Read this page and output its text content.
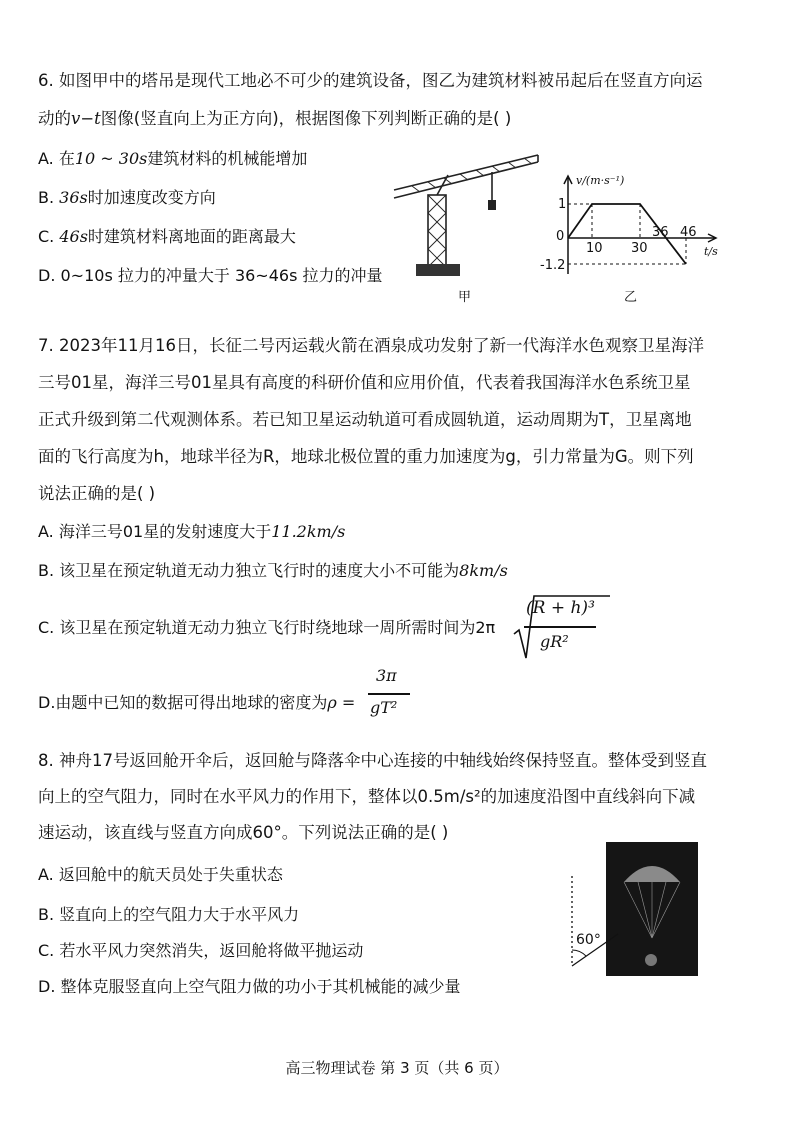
6. 如图甲中的塔吊是现代工地必不可少的建筑设备，图乙为建筑材料被吊起后在竖直方向运
动的v−t图像(竖直向上为正方向)，根据图像下列判断正确的是( )
A. 在10 ~ 30s建筑材料的机械能增加
B. 36s时加速度改变方向
C. 46s时建筑材料离地面的距离最大
D. 0~10s 拉力的冲量大于 36~46s 拉力的冲量
甲
v/(m·s⁻¹)
1
0
-1.2
10 30
36 46
t/s
乙
7. 2023年11月16日，长征二号丙运载火箭在酒泉成功发射了新一代海洋水色观察卫星海洋
三号01星，海洋三号01星具有高度的科研价值和应用价值，代表着我国海洋水色系统卫星
正式升级到第二代观测体系。若已知卫星运动轨道可看成圆轨道，运动周期为T，卫星离地
面的飞行高度为h，地球半径为R，地球北极位置的重力加速度为g，引力常量为G。则下列
说法正确的是( )
A. 海洋三号01星的发射速度大于11.2km/s
B. 该卫星在预定轨道无动力独立飞行时的速度大小不可能为8km/s
C. 该卫星在预定轨道无动力独立飞行时绕地球一周所需时间为2π
(R + h)³
gR²
D.由题中已知的数据可得出地球的密度为ρ =
3π
gT²
8. 神舟17号返回舱开伞后，返回舱与降落伞中心连接的中轴线始终保持竖直。整体受到竖直
向上的空气阻力，同时在水平风力的作用下，整体以0.5m/s²的加速度沿图中直线斜向下减
速运动，该直线与竖直方向成60°。下列说法正确的是( )
A. 返回舱中的航天员处于失重状态
B. 竖直向上的空气阻力大于水平风力
C. 若水平风力突然消失，返回舱将做平抛运动
D. 整体克服竖直向上空气阻力做的功小于其机械能的减少量
60°
高三物理试卷 第 3 页（共 6 页）
